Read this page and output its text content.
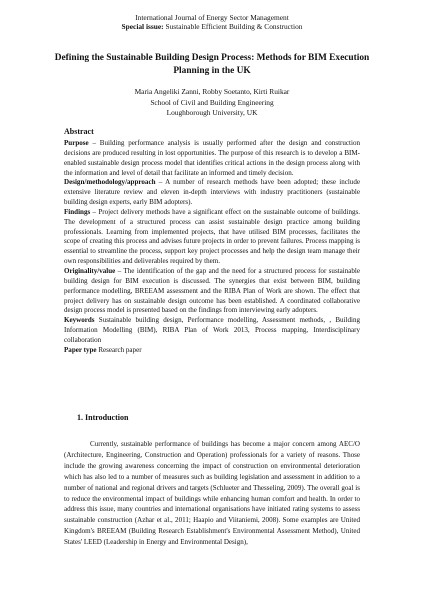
International Journal of Energy Sector Management
Special issue: Sustainable Efficient Building & Construction
Defining the Sustainable Building Design Process: Methods for BIM Execution Planning in the UK
Maria Angeliki Zanni, Robby Soetanto, Kirti Ruikar
School of Civil and Building Engineering
Loughborough University, UK
Abstract

Purpose – Building performance analysis is usually performed after the design and construction decisions are produced resulting in lost opportunities. The purpose of this research is to develop a BIM-enabled sustainable design process model that identifies critical actions in the design process along with the information and level of detail that facilitate an informed and timely decision.

Design/methodology/approach – A number of research methods have been adopted; these include extensive literature review and eleven in-depth interviews with industry practitioners (sustainable building design experts, early BIM adopters).

Findings – Project delivery methods have a significant effect on the sustainable outcome of buildings. The development of a structured process can assist sustainable design practice among building professionals. Learning from implemented projects, that have utilised BIM processes, facilitates the scope of creating this process and advises future projects in order to prevent failures. Process mapping is essential to streamline the process, support key project processes and help the design team manage their own responsibilities and deliverables required by them.

Originality/value – The identification of the gap and the need for a structured process for sustainable building design for BIM execution is discussed. The synergies that exist between BIM, building performance modelling, BREEAM assessment and the RIBA Plan of Work are shown. The effect that project delivery has on sustainable design outcome has been established. A coordinated collaborative design process model is presented based on the findings from interviewing early adopters.

Keywords Sustainable building design, Performance modelling, Assessment methods, , Building Information Modelling (BIM), RIBA Plan of Work 2013, Process mapping, Interdisciplinary collaboration

Paper type Research paper

1. Introduction

Currently, sustainable performance of buildings has become a major concern among AEC/O (Architecture, Engineering, Construction and Operation) professionals for a variety of reasons. Those include the growing awareness concerning the impact of construction on environmental deterioration which has also led to a number of measures such as building legislation and assessment in addition to a number of national and regional drivers and targets (Schlueter and Thesseling, 2009). The overall goal is to reduce the environmental impact of buildings while enhancing human comfort and health. In order to address this issue, many countries and international organisations have initiated rating systems to assess sustainable construction (Azhar et al., 2011; Haapio and Viitaniemi, 2008). Some examples are United Kingdom's BREEAM (Building Research Establishment's Environmental Assessment Method), United States' LEED (Leadership in Energy and Environmental Design),
